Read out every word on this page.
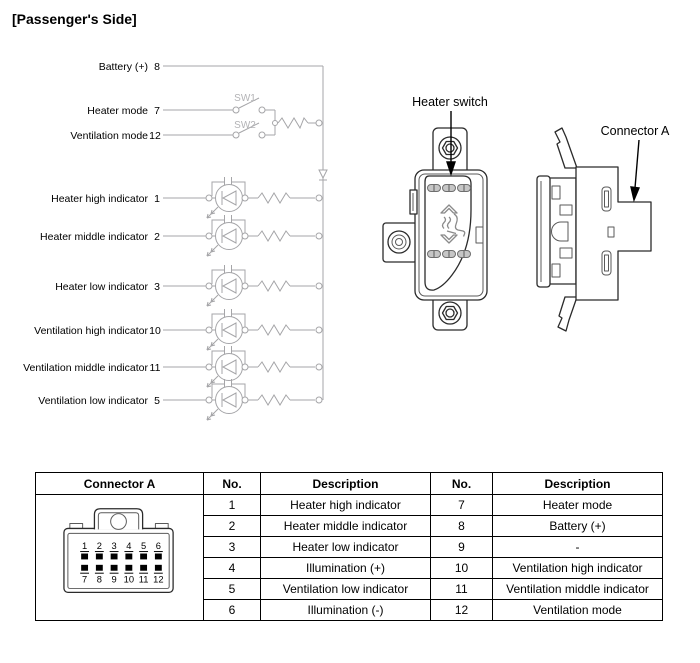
[Passenger's Side]
Battery (+) 8
Heater mode 7
SW1
Ventilation mode 12
SW2
Heater high indicator 1
Heater middle indicator 2
Heater low indicator 3
Ventilation high indicator 10
Ventilation middle indicator 11
Ventilation low indicator 5
Heater switch
Connector A
Connector A	No.	Description	No.	Description

1 2 3 4 5 6
7 8 9 10 11 12
	1	Heater high indicator	7	Heater mode
	2	Heater middle indicator	8	Battery (+)
	3	Heater low indicator	9	-
	4	Illumination (+)	10	Ventilation high indicator
	5	Ventilation low indicator	11	Ventilation middle indicator
	6	Illumination (-)	12	Ventilation mode
